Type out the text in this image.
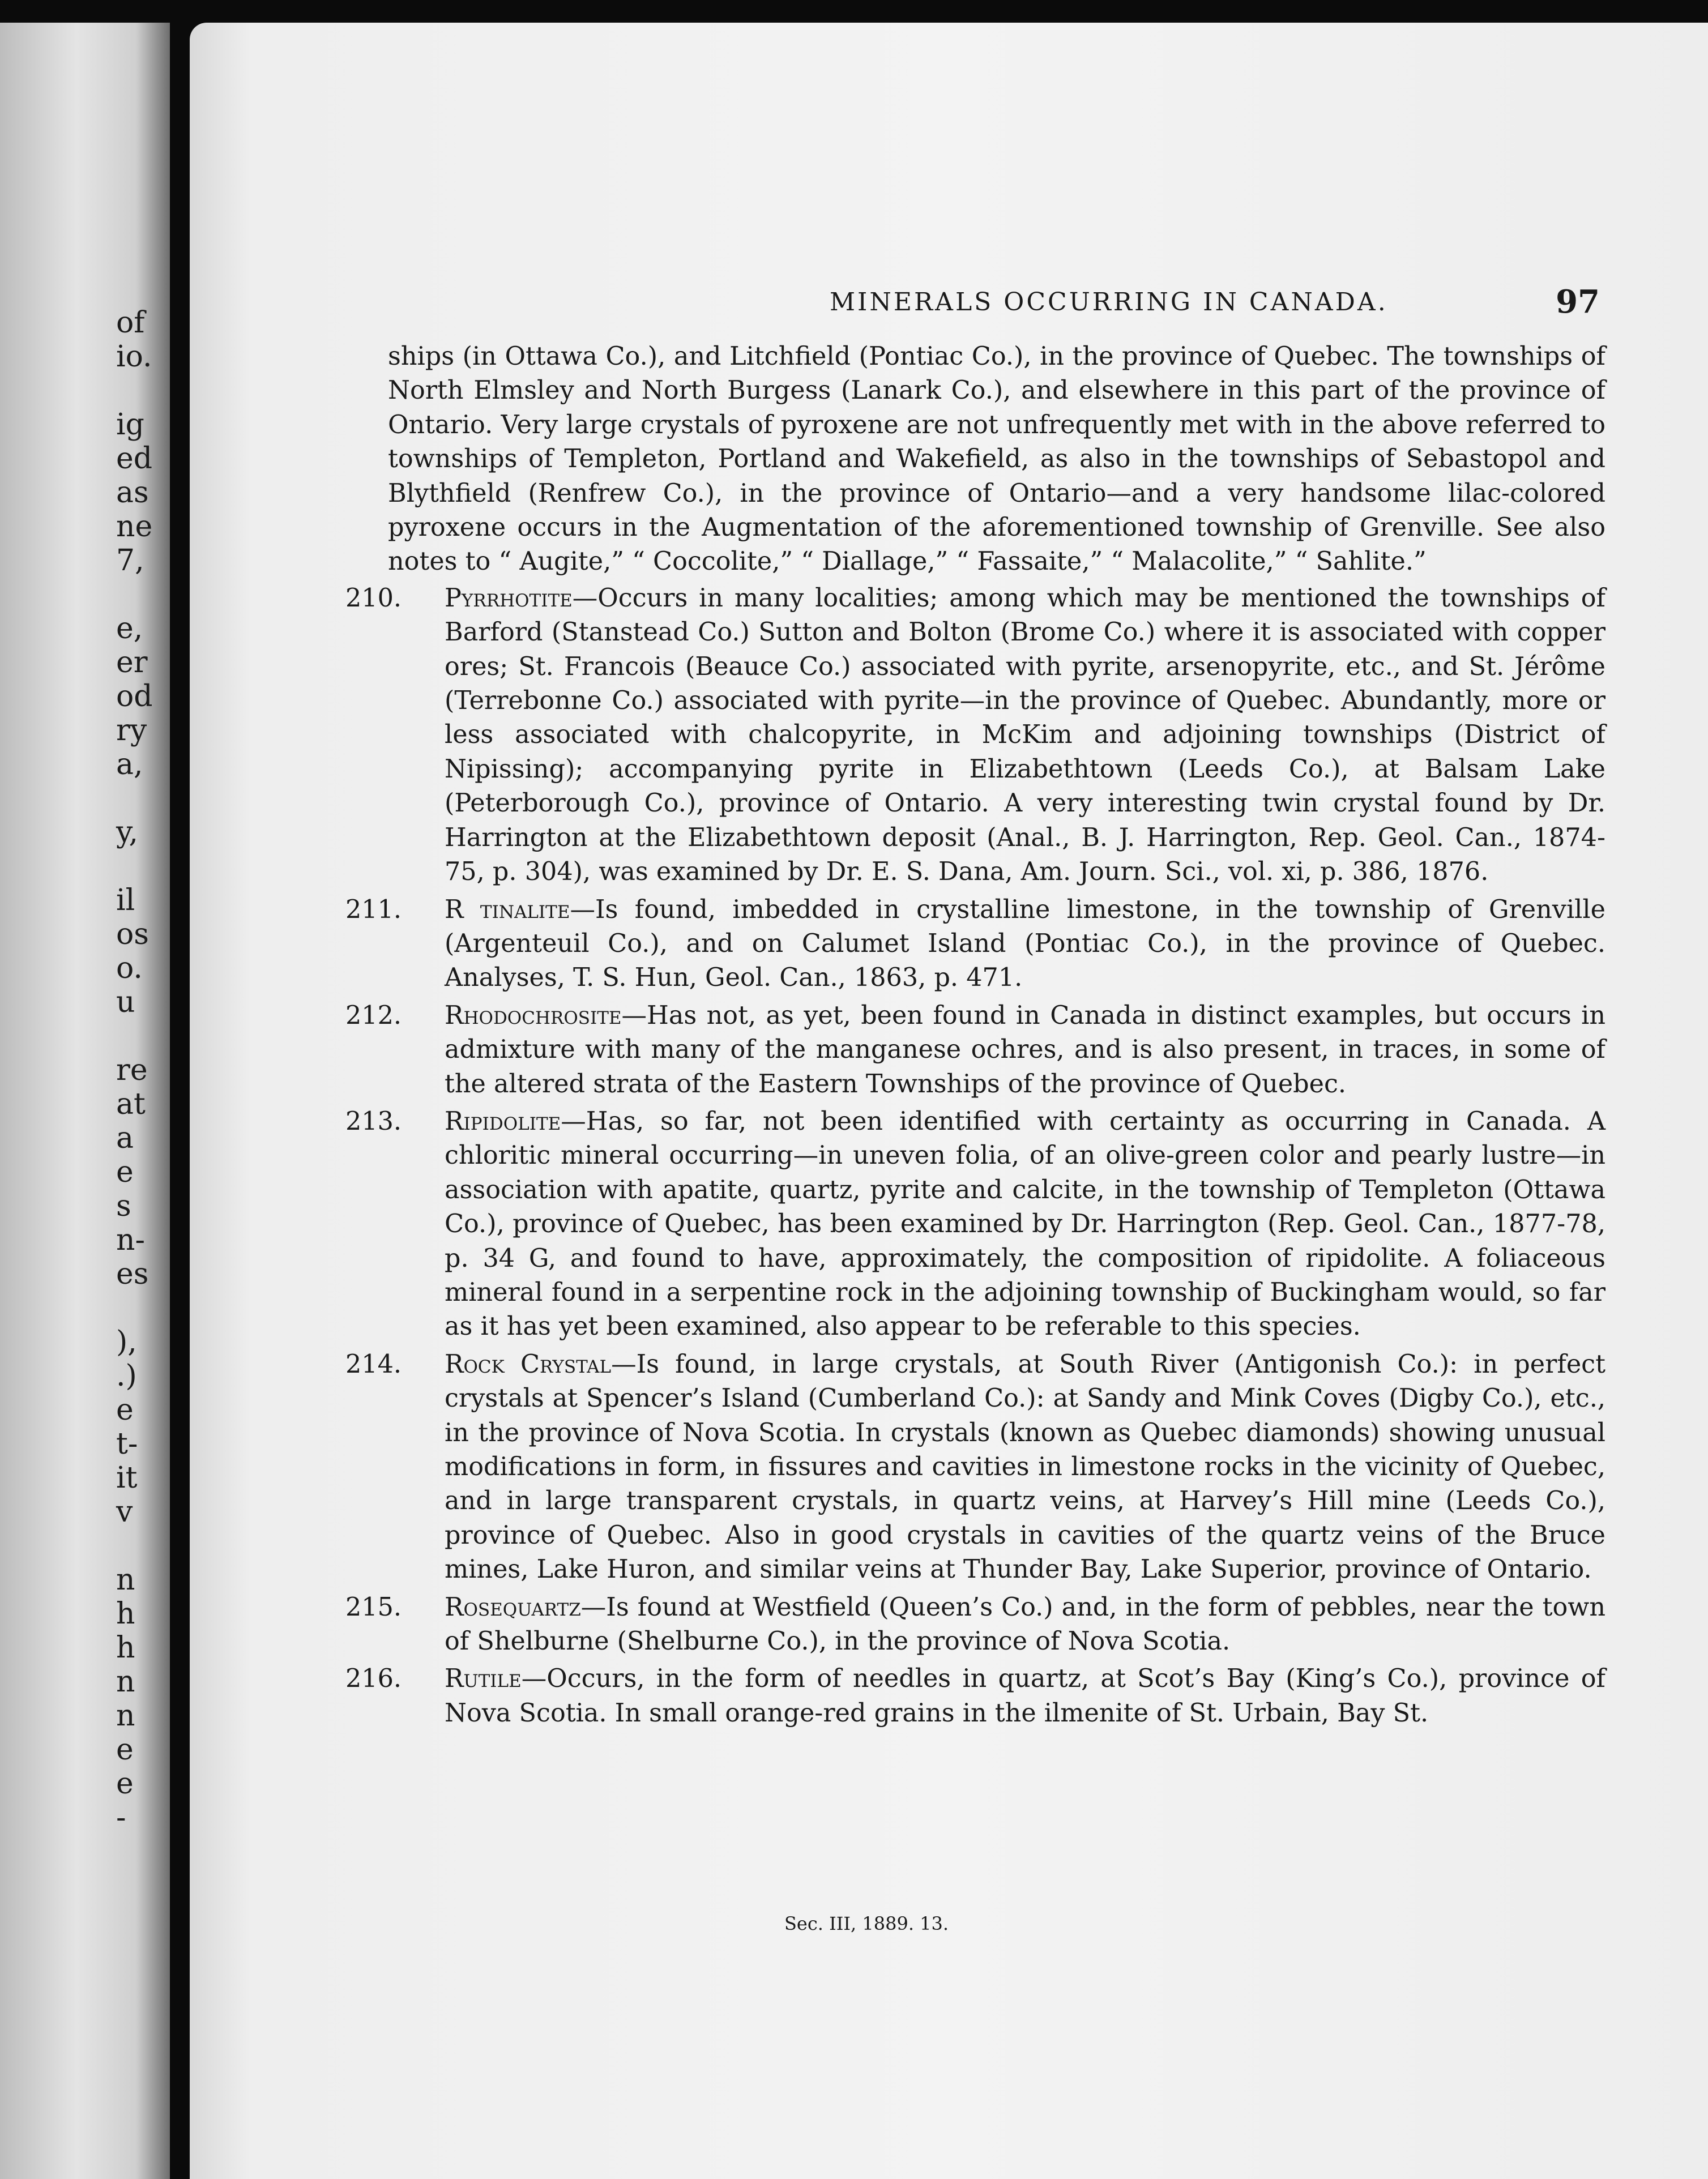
of
io.
ig
ed
as
ne
7,
e,
er
od
ry
a,
y,
il
os
o.
u
re
at
a
e
s
n-
es
),
.)
e
t-
it
v
n
h
h
n
n
e
e
-
MINERALS OCCURRING IN CANADA.	97

ships (in Ottawa Co.), and Litchfield (Pontiac Co.), in the province of Quebec. The townships of North Elmsley and North Burgess (Lanark Co.), and elsewhere in this part of the province of Ontario. Very large crystals of pyroxene are not unfrequently met with in the above referred to townships of Templeton, Portland and Wakefield, as also in the townships of Sebastopol and Blythfield (Renfrew Co.), in the province of Ontario—and a very handsome lilac-colored pyroxene occurs in the Augmentation of the aforementioned township of Grenville. See also notes to “ Augite,” “ Coccolite,” “ Diallage,” “ Fassaite,” “ Malacolite,” “ Sahlite.”

210.	Pyrrhotite—Occurs in many localities; among which may be mentioned the townships of Barford (Stanstead Co.) Sutton and Bolton (Brome Co.) where it is associated with copper ores; St. Francois (Beauce Co.) associated with pyrite, arsenopyrite, etc., and St. Jérôme (Terrebonne Co.) associated with pyrite—in the province of Quebec. Abundantly, more or less associated with chalcopyrite, in McKim and adjoining townships (District of Nipissing); accompanying pyrite in Elizabethtown (Leeds Co.), at Balsam Lake (Peterborough Co.), province of Ontario. A very interesting twin crystal found by Dr. Harrington at the Elizabethtown deposit (Anal., B. J. Harrington, Rep. Geol. Can., 1874-75, p. 304), was examined by Dr. E. S. Dana, Am. Journ. Sci., vol. xi, p. 386, 1876.

211.	R tinalite—Is found, imbedded in crystalline limestone, in the township of Grenville (Argenteuil Co.), and on Calumet Island (Pontiac Co.), in the province of Quebec. Analyses, T. S. Hun, Geol. Can., 1863, p. 471.

212.	Rhodochrosite—Has not, as yet, been found in Canada in distinct examples, but occurs in admixture with many of the manganese ochres, and is also present, in traces, in some of the altered strata of the Eastern Townships of the province of Quebec.

213.	Ripidolite—Has, so far, not been identified with certainty as occurring in Canada. A chloritic mineral occurring—in uneven folia, of an olive-green color and pearly lustre—in association with apatite, quartz, pyrite and calcite, in the township of Templeton (Ottawa Co.), province of Quebec, has been examined by Dr. Harrington (Rep. Geol. Can., 1877-78, p. 34 G, and found to have, approximately, the composition of ripidolite. A foliaceous mineral found in a serpentine rock in the adjoining township of Buckingham would, so far as it has yet been examined, also appear to be referable to this species.

214.	Rock Crystal—Is found, in large crystals, at South River (Antigonish Co.): in perfect crystals at Spencer’s Island (Cumberland Co.): at Sandy and Mink Coves (Digby Co.), etc., in the province of Nova Scotia. In crystals (known as Quebec diamonds) showing unusual modifications in form, in fissures and cavities in limestone rocks in the vicinity of Quebec, and in large transparent crystals, in quartz veins, at Harvey’s Hill mine (Leeds Co.), province of Quebec. Also in good crystals in cavities of the quartz veins of the Bruce mines, Lake Huron, and similar veins at Thunder Bay, Lake Superior, province of Ontario.

215.	Rosequartz—Is found at Westfield (Queen’s Co.) and, in the form of pebbles, near the town of Shelburne (Shelburne Co.), in the province of Nova Scotia.

216.	Rutile—Occurs, in the form of needles in quartz, at Scot’s Bay (King’s Co.), province of Nova Scotia. In small orange-red grains in the ilmenite of St. Urbain, Bay St.

Sec. III, 1889. 13.
